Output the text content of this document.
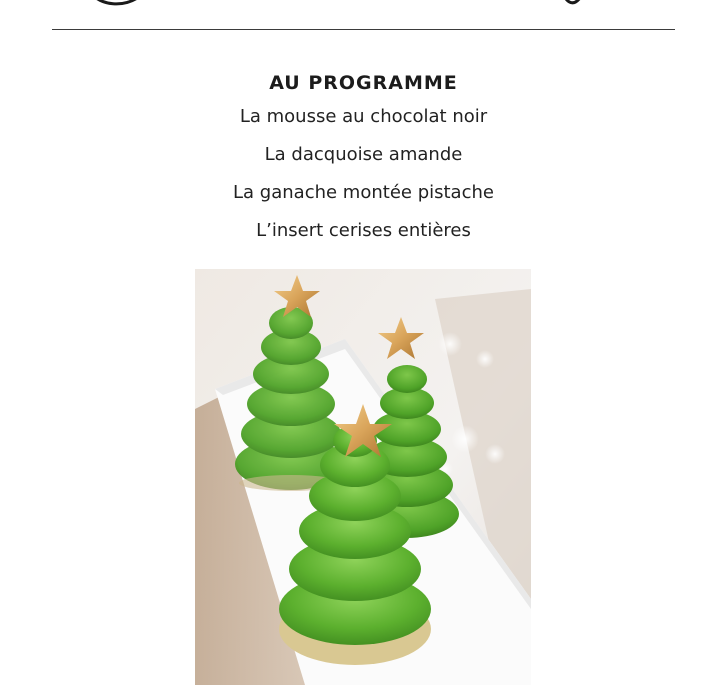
AU PROGRAMME
La mousse au chocolat noir
La dacquoise amande
La ganache montée pistache
L’insert cerises entières
